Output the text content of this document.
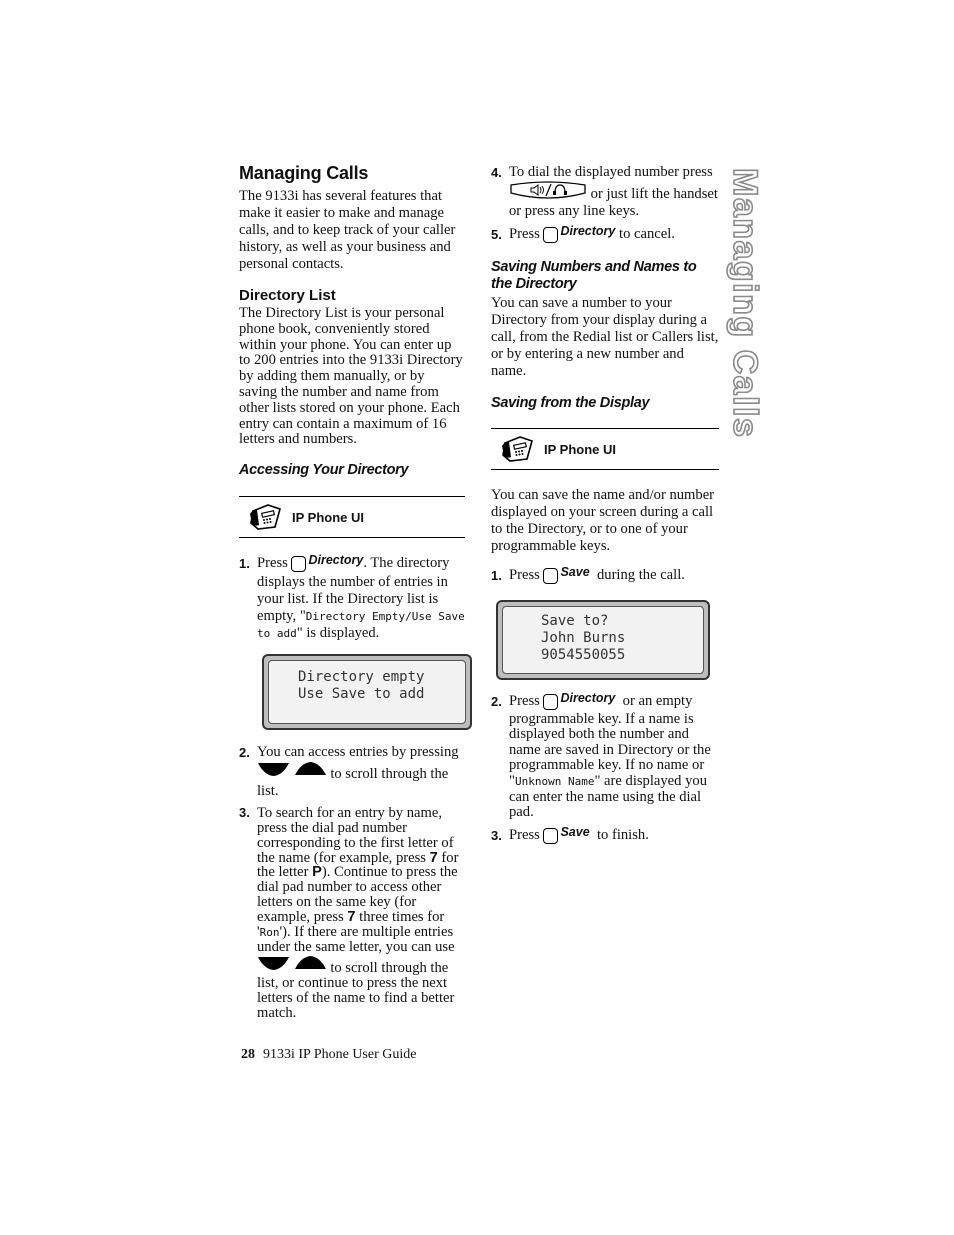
Managing Calls
Managing Calls

The 9133i has several features that make it easier to make and manage calls, and to keep track of your caller history, as well as your business and personal contacts.

Directory List

The Directory List is your personal phone book, conveniently stored within your phone. You can enter up to 200 entries into the 9133i Directory by adding them manually, or by saving the number and name from other lists stored on your phone. Each entry can contain a maximum of 16 letters and numbers.

Accessing Your Directory
IP Phone UI
1. Press Directory. The directory displays the number of entries in your list. If the Directory list is empty, "Directory Empty/Use Save to add" is displayed.
Directory empty
Use Save to add
2. You can access entries by pressing   to scroll through the list.
3. To search for an entry by name, press the dial pad number corresponding to the first letter of the name (for example, press 7 for the letter P). Continue to press the dial pad number to access other letters on the same key (for example, press 7 three times for 'Ron'). If there are multiple entries under the same letter, you can use   to scroll through the list, or continue to press the next letters of the name to find a better match.
4. To dial the displayed number press  or just lift the handset or press any line keys.
5. Press Directory to cancel.
Saving Numbers and Names to the Directory

You can save a number to your Directory from your display during a call, from the Redial list or Callers list, or by entering a new number and name.

Saving from the Display
IP Phone UI

You can save the name and/or number displayed on your screen during a call to the Directory, or to one of your programmable keys.

1. Press Save during the call.
Save to?
John Burns
9054550055
2. Press Directory or an empty programmable key. If a name is displayed both the number and name are saved in Directory or the programmable key. If no name or "Unknown Name" are displayed you can enter the name using the dial pad.
3. Press Save to finish.
28 9133i IP Phone User Guide
